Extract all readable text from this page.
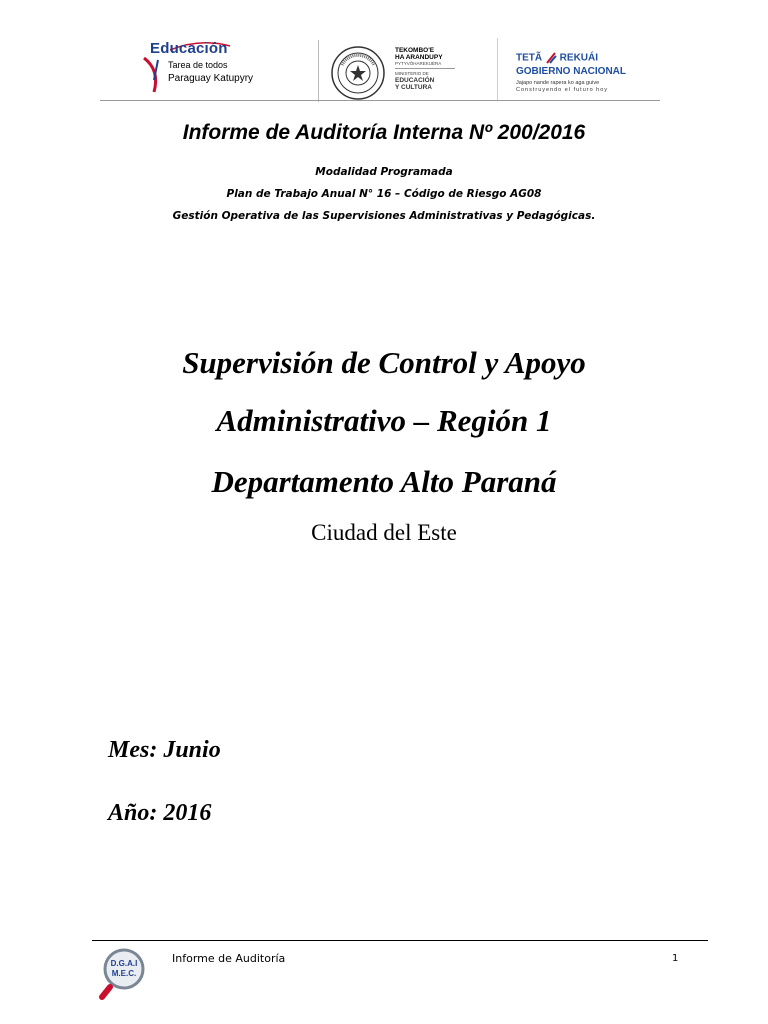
Educación
Tarea de todos
Paraguay Katupyry
TEKOMBO'E
HA ARANDUPY
PYTYVÕHAREKUÉRA
MINISTERIO DE
EDUCACIÓN
Y CULTURA
TETÃ REKUÁI
GOBIERNO NACIONAL
Jajapo nande rapera ko aga guive
Construyendo el futuro hoy
Informe de Auditoría Interna Nº 200/2016
Modalidad Programada
Plan de Trabajo Anual N° 16 – Código de Riesgo AG08
Gestión Operativa de las Supervisiones Administrativas y Pedagógicas.
Supervisión de Control y Apoyo
Administrativo – Región 1
Departamento Alto Paraná
Ciudad del Este
Mes: Junio
Año: 2016
D.G.A.I
M.E.C.
Informe de Auditoría	1
